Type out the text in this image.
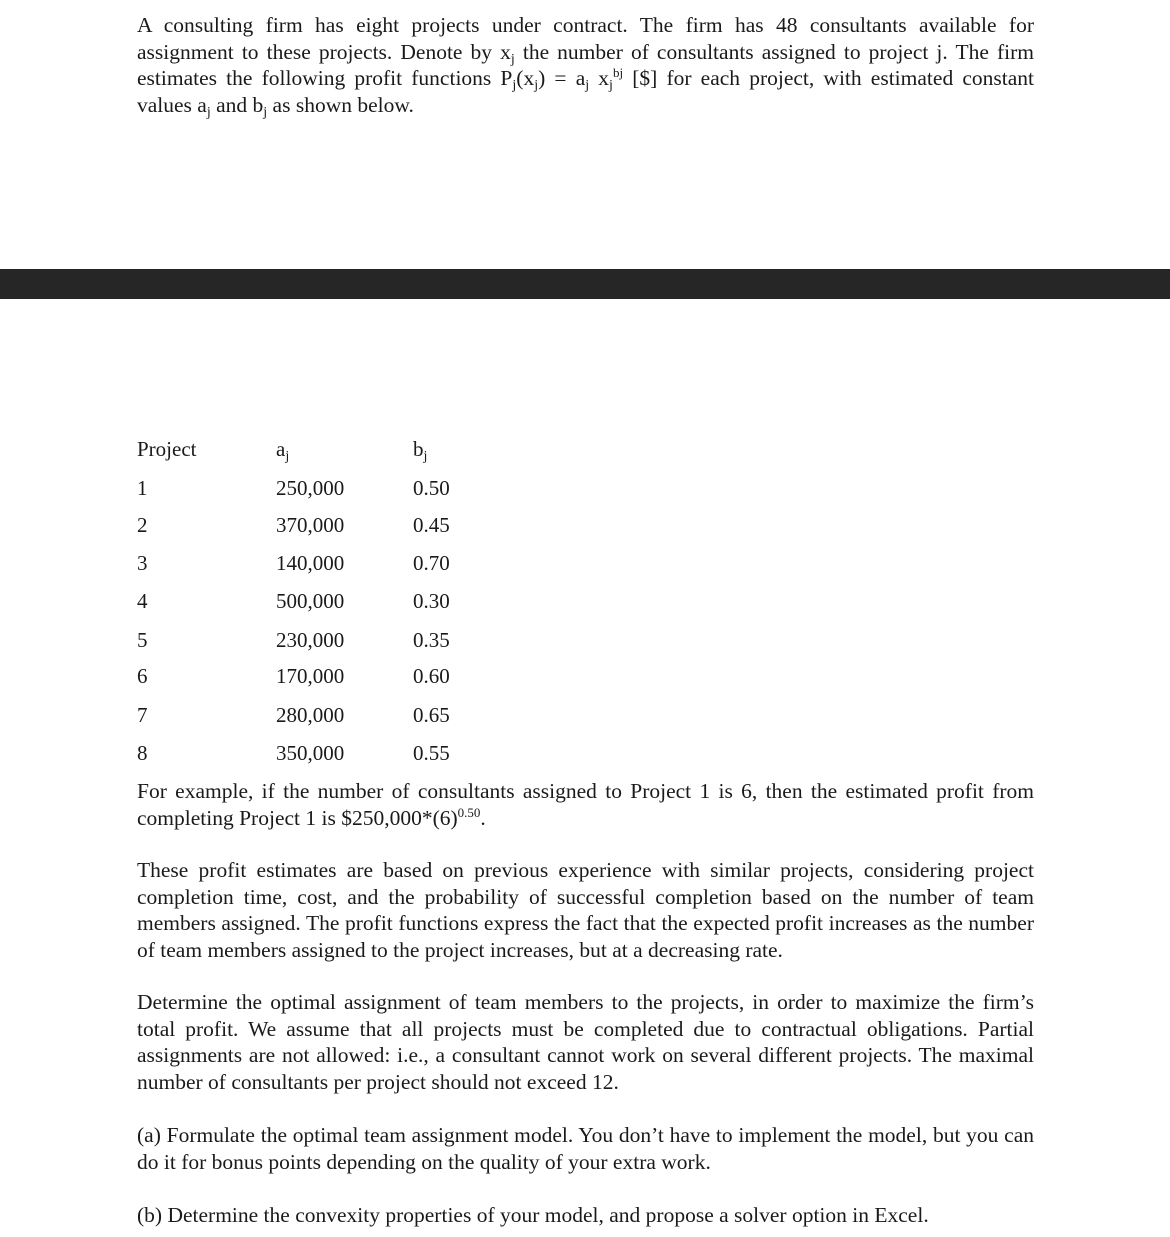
A consulting firm has eight projects under contract. The firm has 48 consultants available for assignment to these projects. Denote by $x_j$ the number of consultants assigned to project j. The firm estimates the following profit functions $P_j(x_j) = a_j$ $x_j^{bj}$ [$] for each project, with estimated constant values $a_j$ and $b_j$ as shown below.

Project	$a_j$	$b_j$
1	250,000	0.50
2	370,000	0.45
3	140,000	0.70
4	500,000	0.30
5	230,000	0.35
6	170,000	0.60
7	280,000	0.65
8	350,000	0.55

For example, if the number of consultants assigned to Project 1 is 6, then the estimated profit from completing Project 1 is $\$250,000*(6)^{0.50}$.

These profit estimates are based on previous experience with similar projects, considering project completion time, cost, and the probability of successful completion based on the number of team members assigned. The profit functions express the fact that the expected profit increases as the number of team members assigned to the project increases, but at a decreasing rate.

Determine the optimal assignment of team members to the projects, in order to maximize the firm’s total profit. We assume that all projects must be completed due to contractual obligations. Partial assignments are not allowed: i.e., a consultant cannot work on several different projects. The maximal number of consultants per project should not exceed 12.

(a) Formulate the optimal team assignment model. You don’t have to implement the model, but you can do it for bonus points depending on the quality of your extra work.

(b) Determine the convexity properties of your model, and propose a solver option in Excel.
